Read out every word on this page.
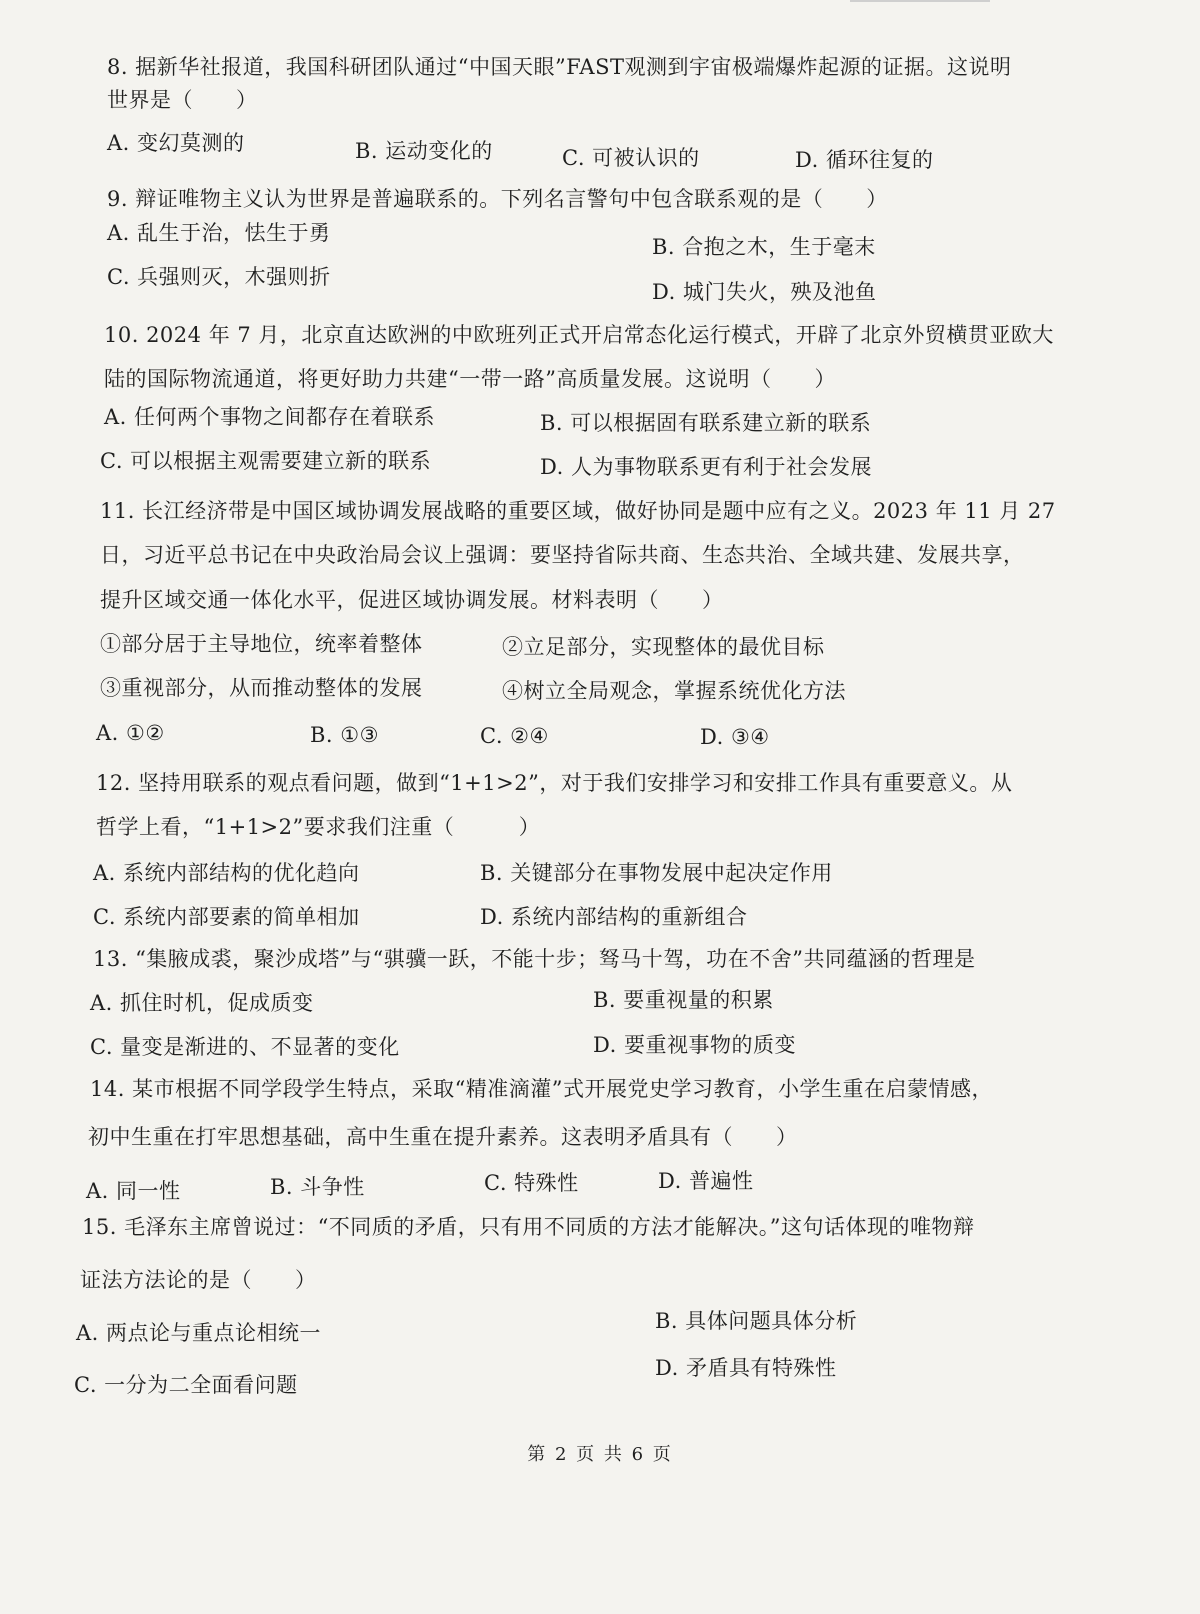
8. 据新华社报道，我国科研团队通过“中国天眼”FAST观测到宇宙极端爆炸起源的证据。这说明
世界是（　　）
A. 变幻莫测的	B. 运动变化的	C. 可被认识的	D. 循环往复的
9. 辩证唯物主义认为世界是普遍联系的。下列名言警句中包含联系观的是（　　）
A. 乱生于治，怯生于勇
B. 合抱之木，生于毫末
C. 兵强则灭，木强则折
D. 城门失火，殃及池鱼
10. 2024 年 7 月，北京直达欧洲的中欧班列正式开启常态化运行模式，开辟了北京外贸横贯亚欧大
陆的国际物流通道，将更好助力共建“一带一路”高质量发展。这说明（　　）
A. 任何两个事物之间都存在着联系	B. 可以根据固有联系建立新的联系
C. 可以根据主观需要建立新的联系	D. 人为事物联系更有利于社会发展
11. 长江经济带是中国区域协调发展战略的重要区域，做好协同是题中应有之义。2023 年 11 月 27
日，习近平总书记在中央政治局会议上强调：要坚持省际共商、生态共治、全域共建、发展共享，
提升区域交通一体化水平，促进区域协调发展。材料表明（　　）
①部分居于主导地位，统率着整体	②立足部分，实现整体的最优目标
③重视部分，从而推动整体的发展	④树立全局观念，掌握系统优化方法
A. ①②	B. ①③	C. ②④	D. ③④
12. 坚持用联系的观点看问题，做到“1+1>2”，对于我们安排学习和安排工作具有重要意义。从
哲学上看，“1+1>2”要求我们注重（　　　）
A. 系统内部结构的优化趋向	B. 关键部分在事物发展中起决定作用
C. 系统内部要素的简单相加	D. 系统内部结构的重新组合
13. “集腋成裘，聚沙成塔”与“骐骥一跃，不能十步；驽马十驾，功在不舍”共同蕴涵的哲理是
A. 抓住时机，促成质变	B. 要重视量的积累
C. 量变是渐进的、不显著的变化	D. 要重视事物的质变
14. 某市根据不同学段学生特点，采取“精准滴灌”式开展党史学习教育，小学生重在启蒙情感，
初中生重在打牢思想基础，高中生重在提升素养。这表明矛盾具有（　　）
A. 同一性	B. 斗争性	C. 特殊性	D. 普遍性
15. 毛泽东主席曾说过：“不同质的矛盾，只有用不同质的方法才能解决。”这句话体现的唯物辩
证法方法论的是（　　）
A. 两点论与重点论相统一	B. 具体问题具体分析
C. 一分为二全面看问题
D. 矛盾具有特殊性
第 2 页 共 6 页
